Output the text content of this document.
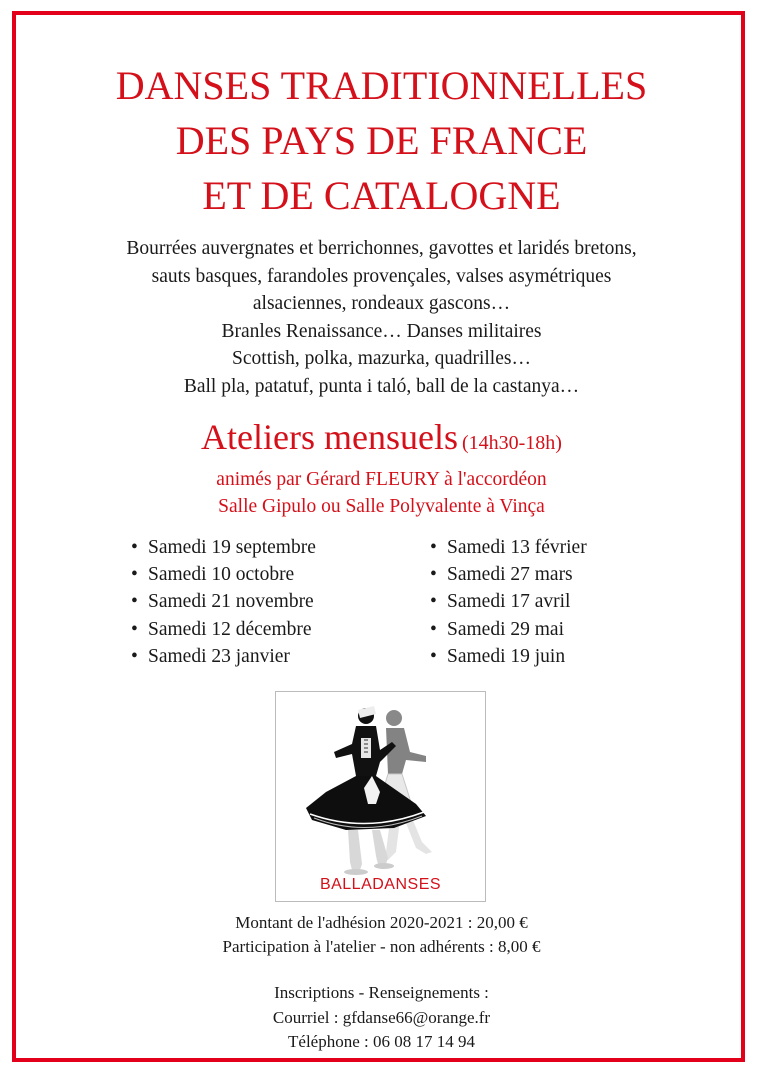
DANSES TRADITIONNELLES
DES PAYS DE FRANCE
ET DE CATALOGNE
Bourrées auvergnates et berrichonnes, gavottes et laridés bretons,
sauts basques, farandoles provençales, valses asymétriques
alsaciennes, rondeaux gascons…
Branles Renaissance… Danses militaires
Scottish, polka, mazurka, quadrilles…
Ball pla, patatuf, punta i taló, ball de la castanya…
Ateliers mensuels (14h30-18h)
animés par Gérard FLEURY à l'accordéon
Salle Gipulo ou Salle Polyvalente à Vinça
• Samedi 19 septembre
• Samedi 10 octobre
• Samedi 21 novembre
• Samedi 12 décembre
• Samedi 23 janvier
• Samedi 13 février
• Samedi 27 mars
• Samedi 17 avril
• Samedi 29 mai
• Samedi 19 juin
BALLADANSES
Montant de l'adhésion 2020-2021 : 20,00 €
Participation à l'atelier - non adhérents : 8,00 €
Inscriptions - Renseignements :
Courriel : gfdanse66@orange.fr
Téléphone : 06 08 17 14 94
